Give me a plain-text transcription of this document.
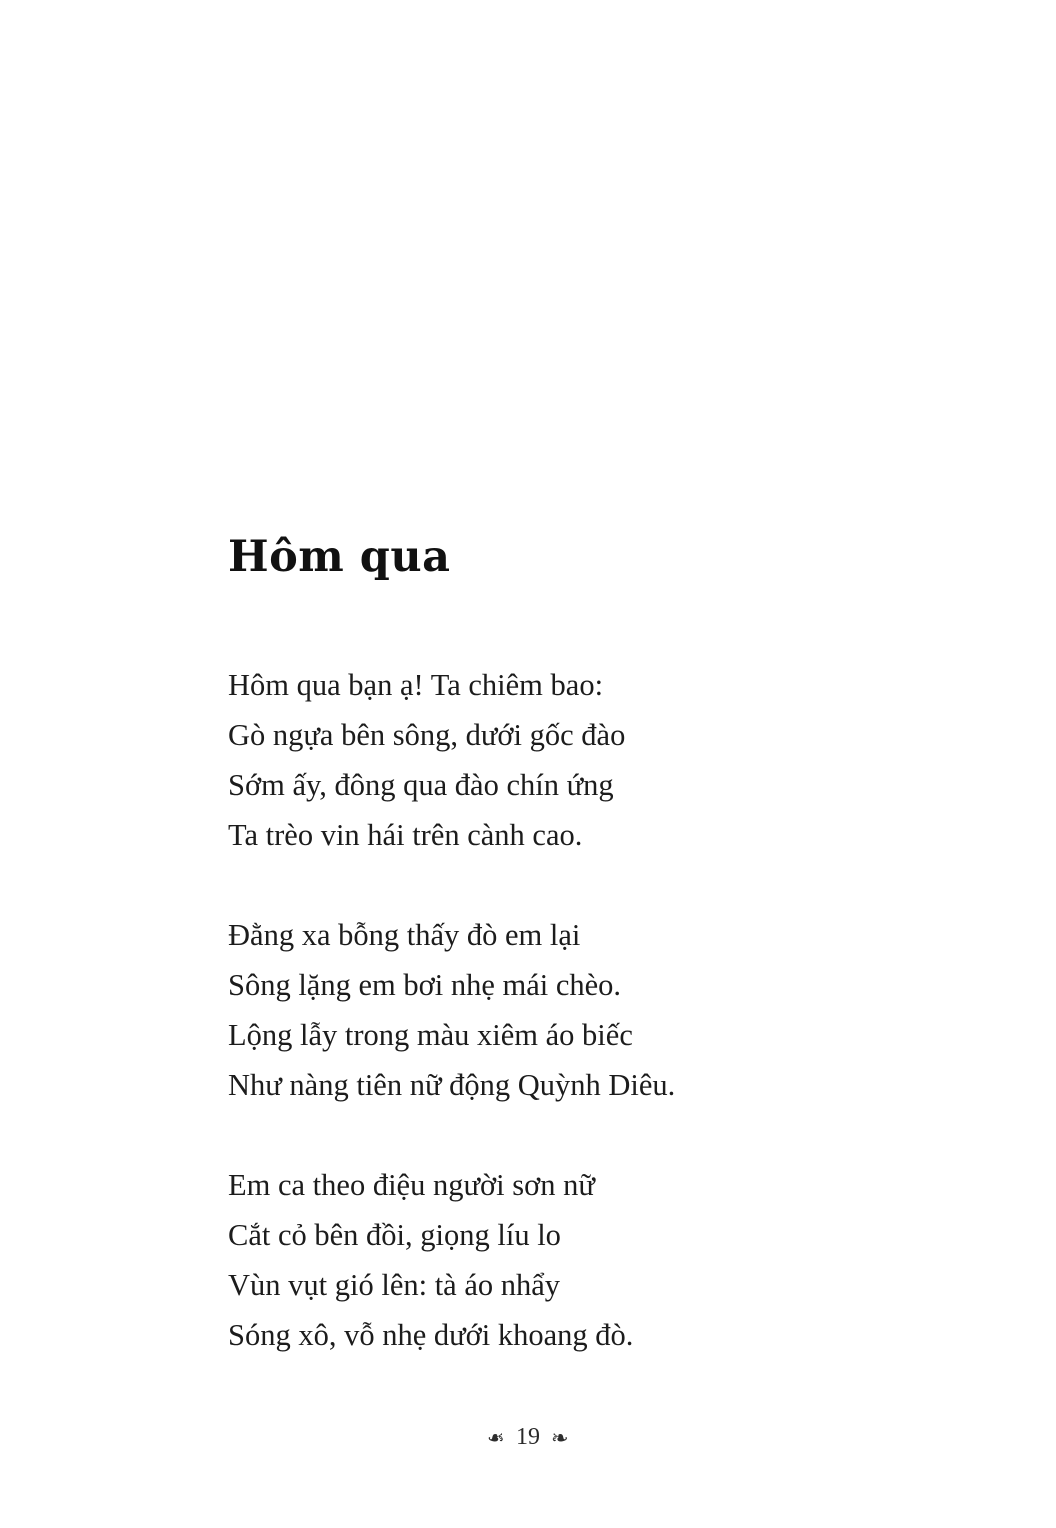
Hôm qua
Hôm qua bạn ạ! Ta chiêm bao:
Gò ngựa bên sông, dưới gốc đào
Sớm ấy, đông qua đào chín ứng
Ta trèo vin hái trên cành cao.
Đằng xa bỗng thấy đò em lại
Sông lặng em bơi nhẹ mái chèo.
Lộng lẫy trong màu xiêm áo biếc
Như nàng tiên nữ động Quỳnh Diêu.
Em ca theo điệu người sơn nữ
Cắt cỏ bên đồi, giọng líu lo
Vùn vụt gió lên: tà áo nhẩy
Sóng xô, vỗ nhẹ dưới khoang đò.
❧ 19 ❧
